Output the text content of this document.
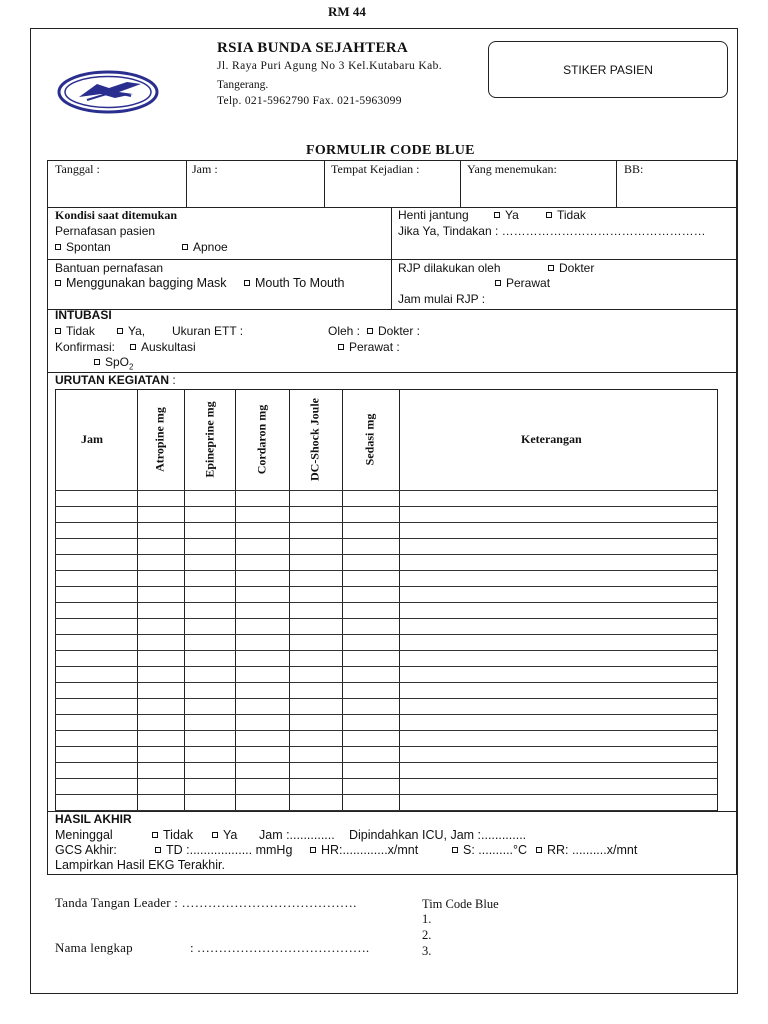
RM 44
RSIA BUNDA SEJAHTERA
Jl. Raya Puri Agung No 3 Kel.Kutabaru Kab.
Tangerang.
Telp. 021-5962790 Fax. 021-5963099
STIKER PASIEN
FORMULIR CODE BLUE
Tanggal :	Jam :	Tempat Kejadian :	Yang menemukan:	BB:
Kondisi saat ditemukan
Pernafasan pasien
Spontan	Apnoe
Henti jantung	Ya	Tidak
Jika Ya, Tindakan : ……………………………………………
Bantuan pernafasan
Menggunakan bagging Mask	Mouth To Mouth
RJP dilakukan oleh	Dokter
Perawat
Jam mulai RJP :
INTUBASI
Tidak	Ya, Ukuran ETT :	Oleh :	Dokter :
Konfirmasi:	Auskultasi	Perawat :
SpO$_2$
URUTAN KEGIATAN :
Jam	Atropine mg	Epineprine mg	Cordaron mg	DC-Shock Joule	Sedasi mg	Keterangan
HASIL AKHIR
Meninggal	Tidak	Ya Jam :............. Dipindahkan ICU, Jam :.............
GCS Akhir:	TD :.................. mmHg	HR:.............x/mnt	S: ..........°C	RR: ..........x/mnt
Lampirkan Hasil EKG Terakhir.
Tanda Tangan Leader : ………………………………….
Nama lengkap	: ………………………………….
Tim Code Blue
1.
2.
3.
